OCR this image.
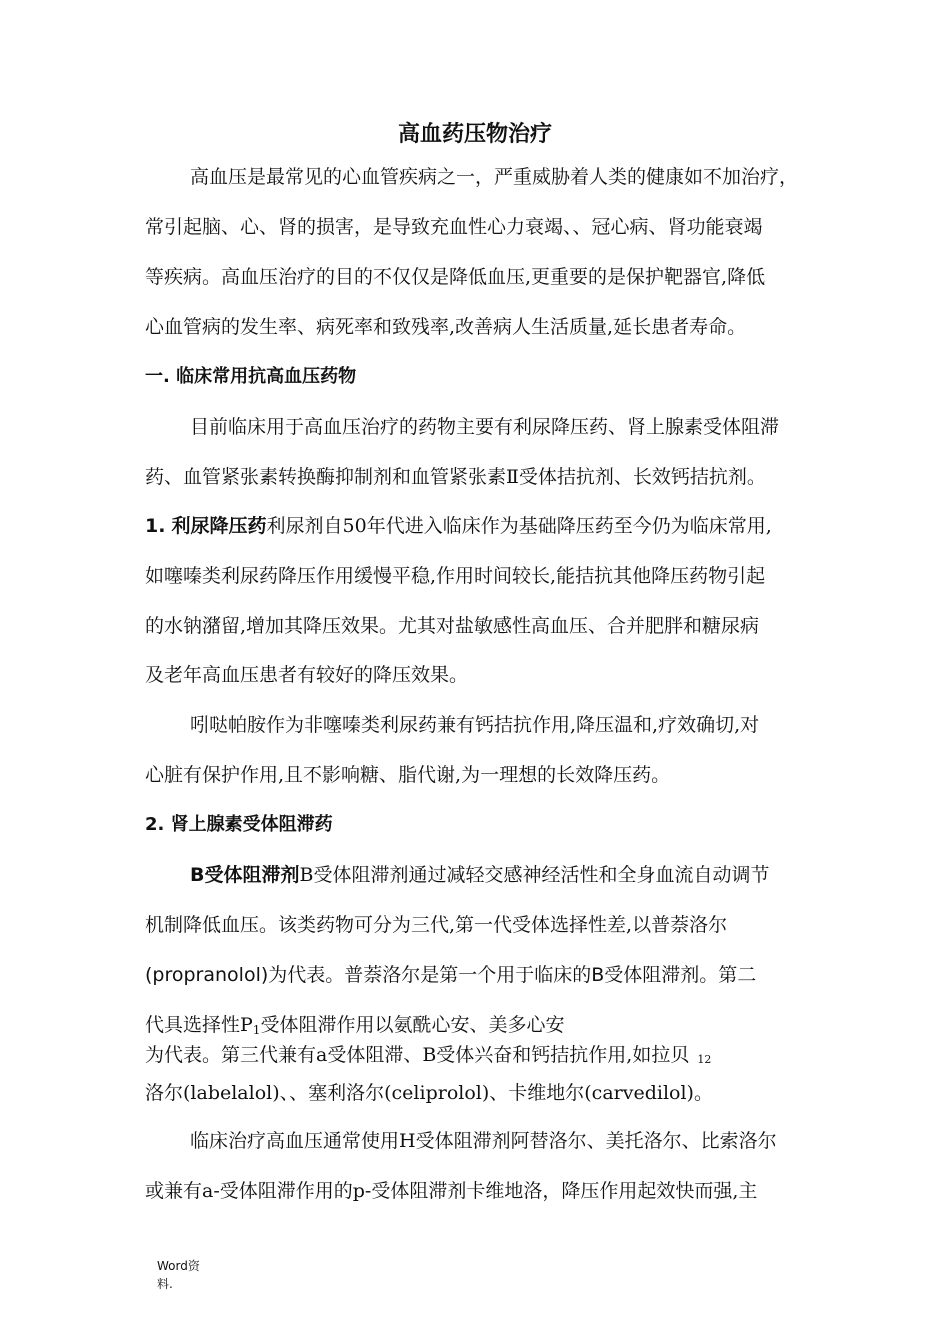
高血药压物治疗
高血压是最常见的心血管疾病之一，严重威胁着人类的健康如不加治疗，
常引起脑、心、肾的损害，是导致充血性心力衰竭、、冠心病、肾功能衰竭
等疾病。高血压治疗的目的不仅仅是降低血压,更重要的是保护靶器官,降低
心血管病的发生率、病死率和致残率,改善病人生活质量,延长患者寿命。
一. 临床常用抗高血压药物
目前临床用于高血压治疗的药物主要有利尿降压药、肾上腺素受体阻滞
药、血管紧张素转换酶抑制剂和血管紧张素Ⅱ受体拮抗剂、长效钙拮抗剂。
1. 利尿降压药利尿剂自50年代进入临床作为基础降压药至今仍为临床常用,
如噻嗪类利尿药降压作用缓慢平稳,作用时间较长,能拮抗其他降压药物引起
的水钠潴留,增加其降压效果。尤其对盐敏感性高血压、合并肥胖和糖尿病
及老年高血压患者有较好的降压效果。
吲哒帕胺作为非噻嗪类利尿药兼有钙拮抗作用,降压温和,疗效确切,对
心脏有保护作用,且不影响糖、脂代谢,为一理想的长效降压药。
2. 肾上腺素受体阻滞药
B受体阻滞剂B受体阻滞剂通过减轻交感神经活性和全身血流自动调节
机制降低血压。该类药物可分为三代,第一代受体选择性差,以普萘洛尔
(propranolol)为代表。普萘洛尔是第一个用于临床的B受体阻滞剂。第二
代具选择性$P_1$受体阻滞作用以氨酰心安、美多心安
为代表。第三代兼有a受体阻滞、B受体兴奋和钙拮抗作用,如拉贝 12
洛尔(labelalol)、、塞利洛尔(celiprolol)、卡维地尔(carvedilol)。
临床治疗高血压通常使用H受体阻滞剂阿替洛尔、美托洛尔、比索洛尔
或兼有a-受体阻滞作用的p-受体阻滞剂卡维地洛，降压作用起效快而强,主
Word资
料.
